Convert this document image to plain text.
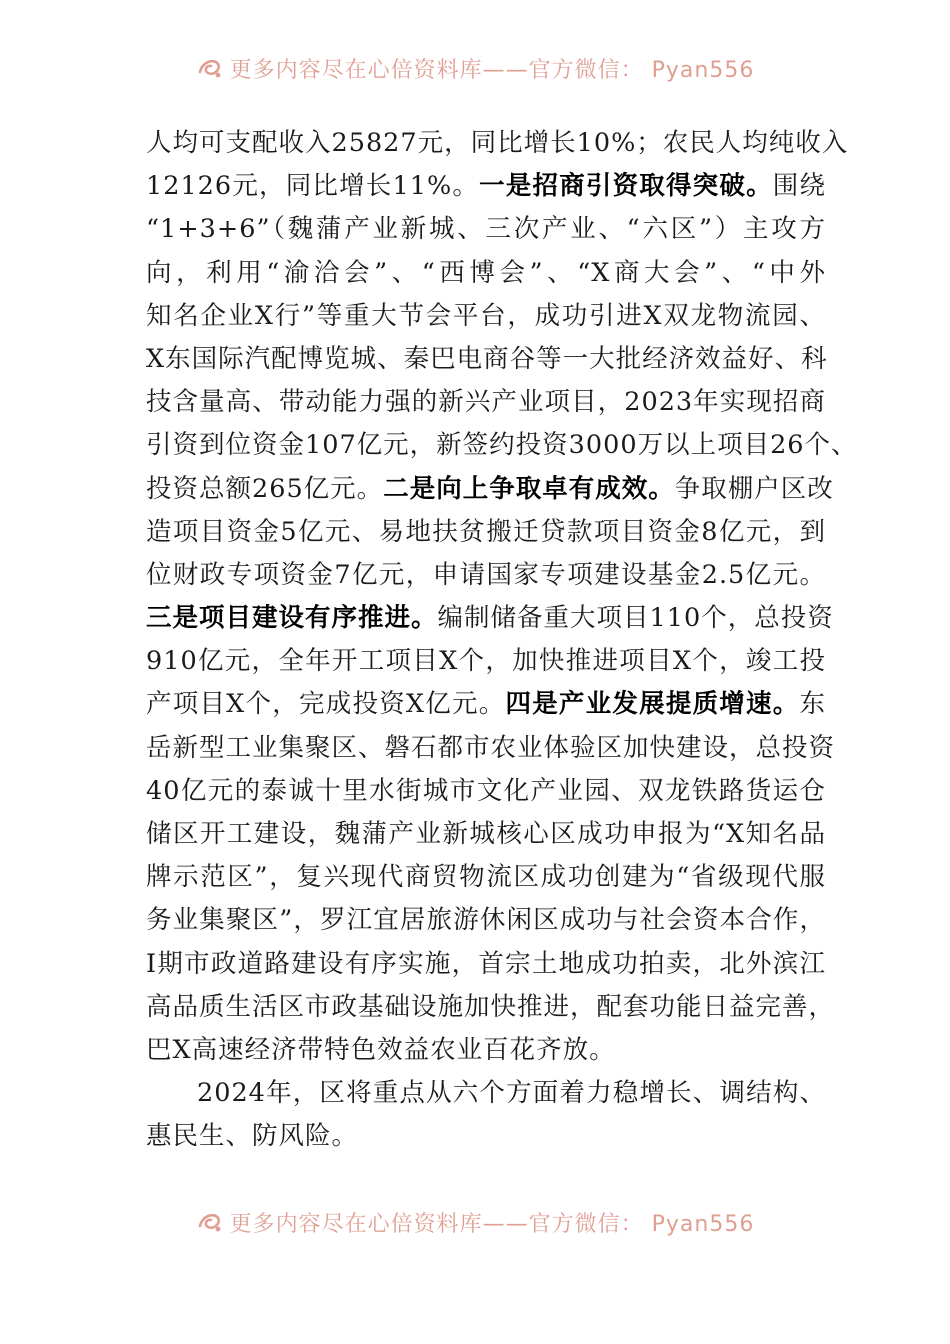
更多内容尽在心倍资料库——官方微信： Pyan556
人均可支配收入25827元，同比增长10%；农民人均纯收入
12126元，同比增长11%。一是招商引资取得突破。围绕
“1+3+6”（魏蒲产业新城、三次产业、“六区”）主攻方
向，利用“渝洽会”、“西博会”、“X商大会”、“中外
知名企业X行”等重大节会平台，成功引进X双龙物流园、
X东国际汽配博览城、秦巴电商谷等一大批经济效益好、科
技含量高、带动能力强的新兴产业项目，2023年实现招商
引资到位资金107亿元，新签约投资3000万以上项目26个、
投资总额265亿元。二是向上争取卓有成效。争取棚户区改
造项目资金5亿元、易地扶贫搬迁贷款项目资金8亿元，到
位财政专项资金7亿元，申请国家专项建设基金2.5亿元。
三是项目建设有序推进。编制储备重大项目110个，总投资
910亿元，全年开工项目X个，加快推进项目X个，竣工投
产项目X个，完成投资X亿元。四是产业发展提质增速。东
岳新型工业集聚区、磐石都市农业体验区加快建设，总投资
40亿元的泰诚十里水街城市文化产业园、双龙铁路货运仓
储区开工建设，魏蒲产业新城核心区成功申报为“X知名品
牌示范区”，复兴现代商贸物流区成功创建为“省级现代服
务业集聚区”，罗江宜居旅游休闲区成功与社会资本合作，
I期市政道路建设有序实施，首宗土地成功拍卖，北外滨江
高品质生活区市政基础设施加快推进，配套功能日益完善，
巴X高速经济带特色效益农业百花齐放。
2024年，区将重点从六个方面着力稳增长、调结构、
惠民生、防风险。
更多内容尽在心倍资料库——官方微信： Pyan556
